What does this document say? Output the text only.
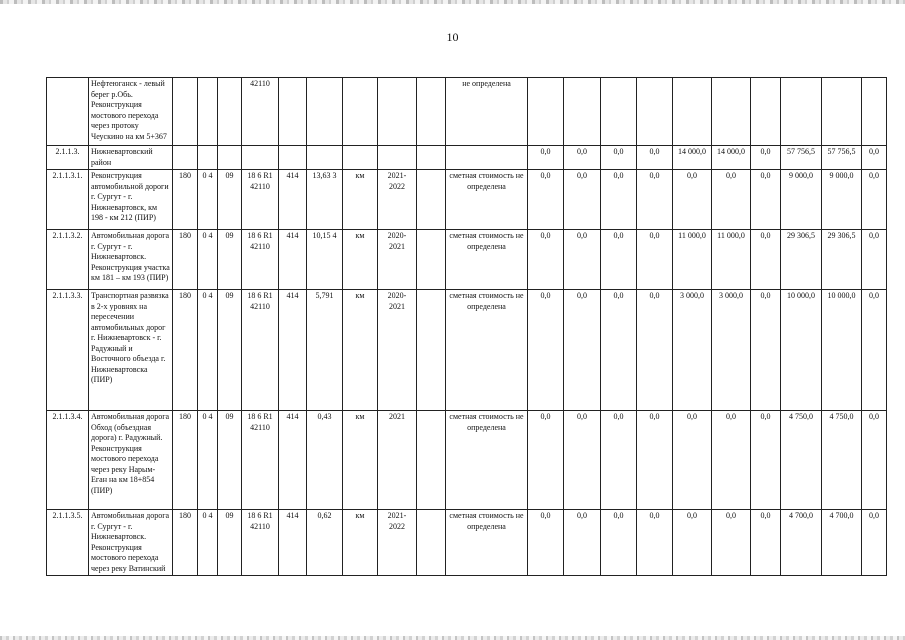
10
	Нефтеюганск - левый берег р.Обь. Реконструкция мостового перехода через протоку Чеускино на км 5+367				42110						не определена										
2.1.1.3.	Нижневартовский район											0,0	0,0	0,0	0,0	14 000,0	14 000,0	0,0	57 756,5	57 756,5	0,0
2.1.1.3.1.	Реконструкция автомобильной дороги г. Сургут - г. Нижневартовск, км 198 - км 212 (ПИР)	180	0 4	09	18 6 R1 42110	414	13,63 3	км	2021-2022		сметная стоимость не определена	0,0	0,0	0,0	0,0	0,0	0,0	0,0	9 000,0	9 000,0	0,0
2.1.1.3.2.	Автомобильная дорога г. Сургут - г. Нижневартовск. Реконструкция участка км 181 – км 193 (ПИР)	180	0 4	09	18 6 R1 42110	414	10,15 4	км	2020-2021		сметная стоимость не определена	0,0	0,0	0,0	0,0	11 000,0	11 000,0	0,0	29 306,5	29 306,5	0,0
2.1.1.3.3.	Транспортная развязка в 2-х уровнях на пересечении автомобильных дорог г. Нижневартовск - г. Радужный и Восточного объезда г. Нижневартовска (ПИР)	180	0 4	09	18 6 R1 42110	414	5,791	км	2020-2021		сметная стоимость не определена	0,0	0,0	0,0	0,0	3 000,0	3 000,0	0,0	10 000,0	10 000,0	0,0
2.1.1.3.4.	Автомобильная дорога Обход (объездная дорога) г. Радужный. Реконструкция мостового перехода через реку Нарым-Еган на км 18+854 (ПИР)	180	0 4	09	18 6 R1 42110	414	0,43	км	2021		сметная стоимость не определена	0,0	0,0	0,0	0,0	0,0	0,0	0,0	4 750,0	4 750,0	0,0
2.1.1.3.5.	Автомобильная дорога г. Сургут - г. Нижневартовск. Реконструкция мостового перехода через реку Ватинский	180	0 4	09	18 6 R1 42110	414	0,62	км	2021-2022		сметная стоимость не определена	0,0	0,0	0,0	0,0	0,0	0,0	0,0	4 700,0	4 700,0	0,0
